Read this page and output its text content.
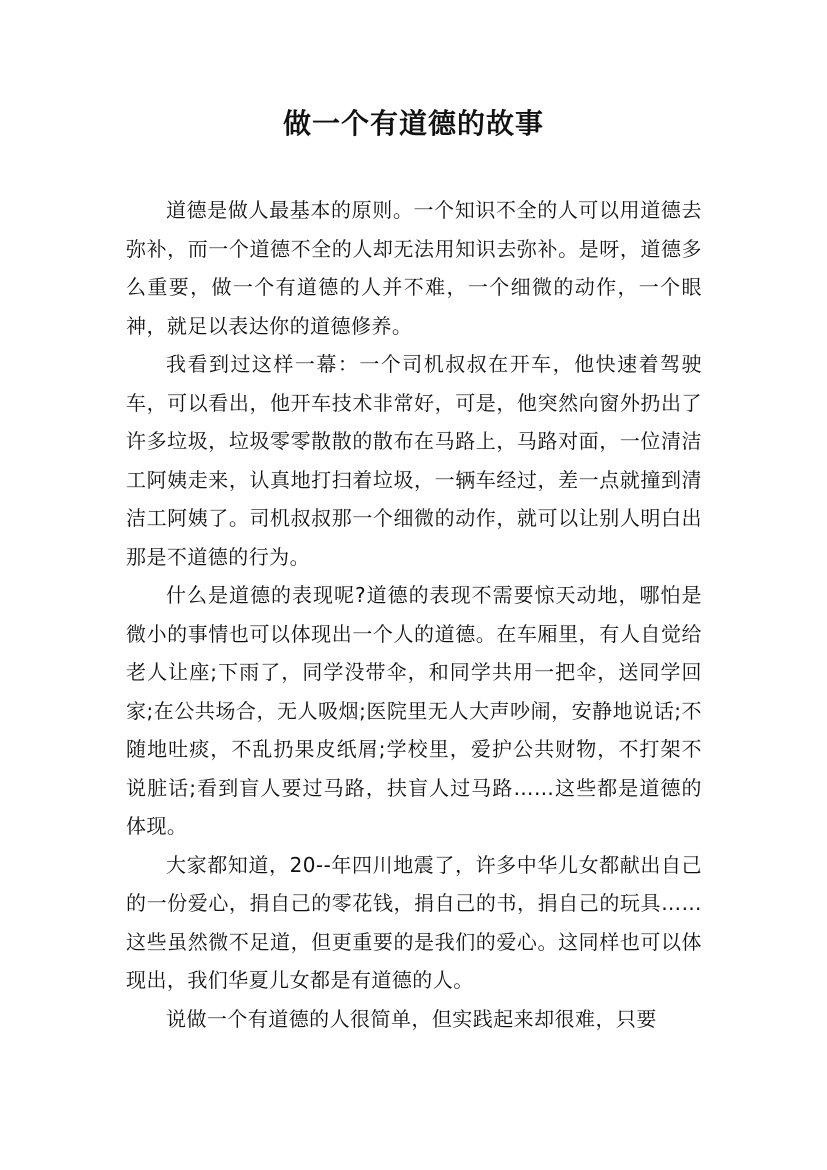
做一个有道德的故事

道德是做人最基本的原则。一个知识不全的人可以用道德去弥补，而一个道德不全的人却无法用知识去弥补。是呀，道德多么重要，做一个有道德的人并不难，一个细微的动作，一个眼神，就足以表达你的道德修养。

我看到过这样一幕：一个司机叔叔在开车，他快速着驾驶车，可以看出，他开车技术非常好，可是，他突然向窗外扔出了许多垃圾，垃圾零零散散的散布在马路上，马路对面，一位清洁工阿姨走来，认真地打扫着垃圾，一辆车经过，差一点就撞到清洁工阿姨了。司机叔叔那一个细微的动作，就可以让别人明白出那是不道德的行为。

什么是道德的表现呢?道德的表现不需要惊天动地，哪怕是微小的事情也可以体现出一个人的道德。在车厢里，有人自觉给老人让座;下雨了，同学没带伞，和同学共用一把伞，送同学回家;在公共场合，无人吸烟;医院里无人大声吵闹，安静地说话;不随地吐痰，不乱扔果皮纸屑;学校里，爱护公共财物，不打架不说脏话;看到盲人要过马路，扶盲人过马路……这些都是道德的体现。

大家都知道，20--年四川地震了，许多中华儿女都献出自己的一份爱心，捐自己的零花钱，捐自己的书，捐自己的玩具……这些虽然微不足道，但更重要的是我们的爱心。这同样也可以体现出，我们华夏儿女都是有道德的人。

说做一个有道德的人很简单，但实践起来却很难，只要
